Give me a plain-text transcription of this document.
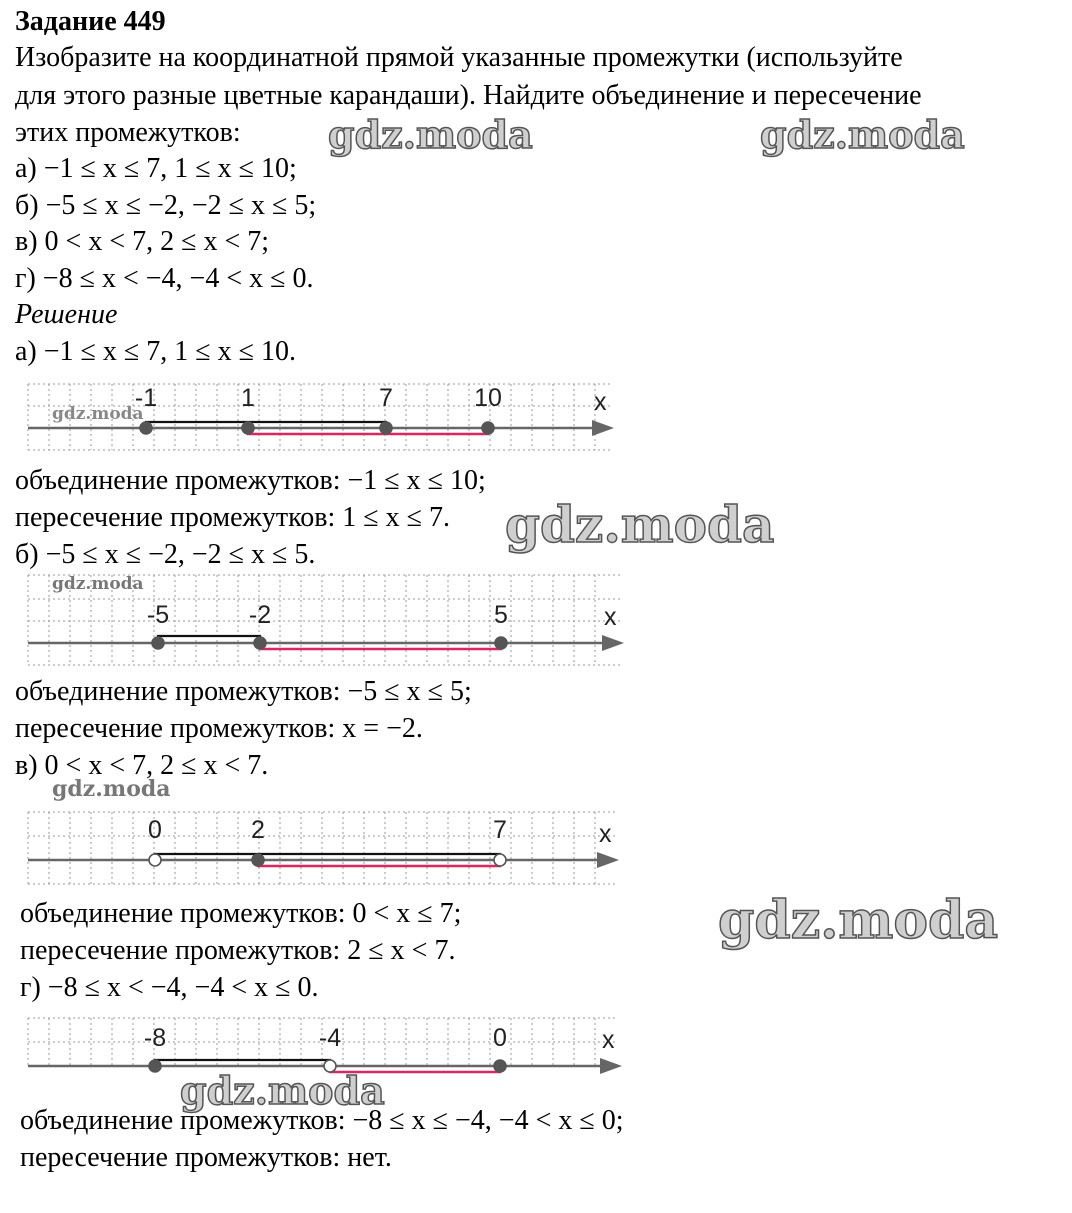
Задание 449
Изобразите на координатной прямой указанные промежутки (используйте
для этого разные цветные карандаши). Найдите объединение и пересечение
этих промежутков:
а) −1 ≤ x ≤ 7, 1 ≤ x ≤ 10;
б) −5 ≤ x ≤ −2, −2 ≤ x ≤ 5;
в) 0 < x < 7, 2 ≤ x < 7;
г) −8 ≤ x < −4, −4 < x ≤ 0.
Решение
а) −1 ≤ x ≤ 7, 1 ≤ x ≤ 10.
x
-1	1	7	10
объединение промежутков: −1 ≤ x ≤ 10;
пересечение промежутков: 1 ≤ x ≤ 7.
б) −5 ≤ x ≤ −2, −2 ≤ x ≤ 5.
x
-5	-2	5
объединение промежутков: −5 ≤ x ≤ 5;
пересечение промежутков: x = −2.
в) 0 < x < 7, 2 ≤ x < 7.
x
0	2	7
объединение промежутков: 0 < x ≤ 7;
пересечение промежутков: 2 ≤ x < 7.
г) −8 ≤ x < −4, −4 < x ≤ 0.
x
-8	-4	0
объединение промежутков: −8 ≤ x ≤ −4, −4 < x ≤ 0;
пересечение промежутков: нет.
gdz.moda	gdz.moda
gdz.moda
gdz.moda
gdz.moda
gdz.moda
gdz.moda
gdz.moda
